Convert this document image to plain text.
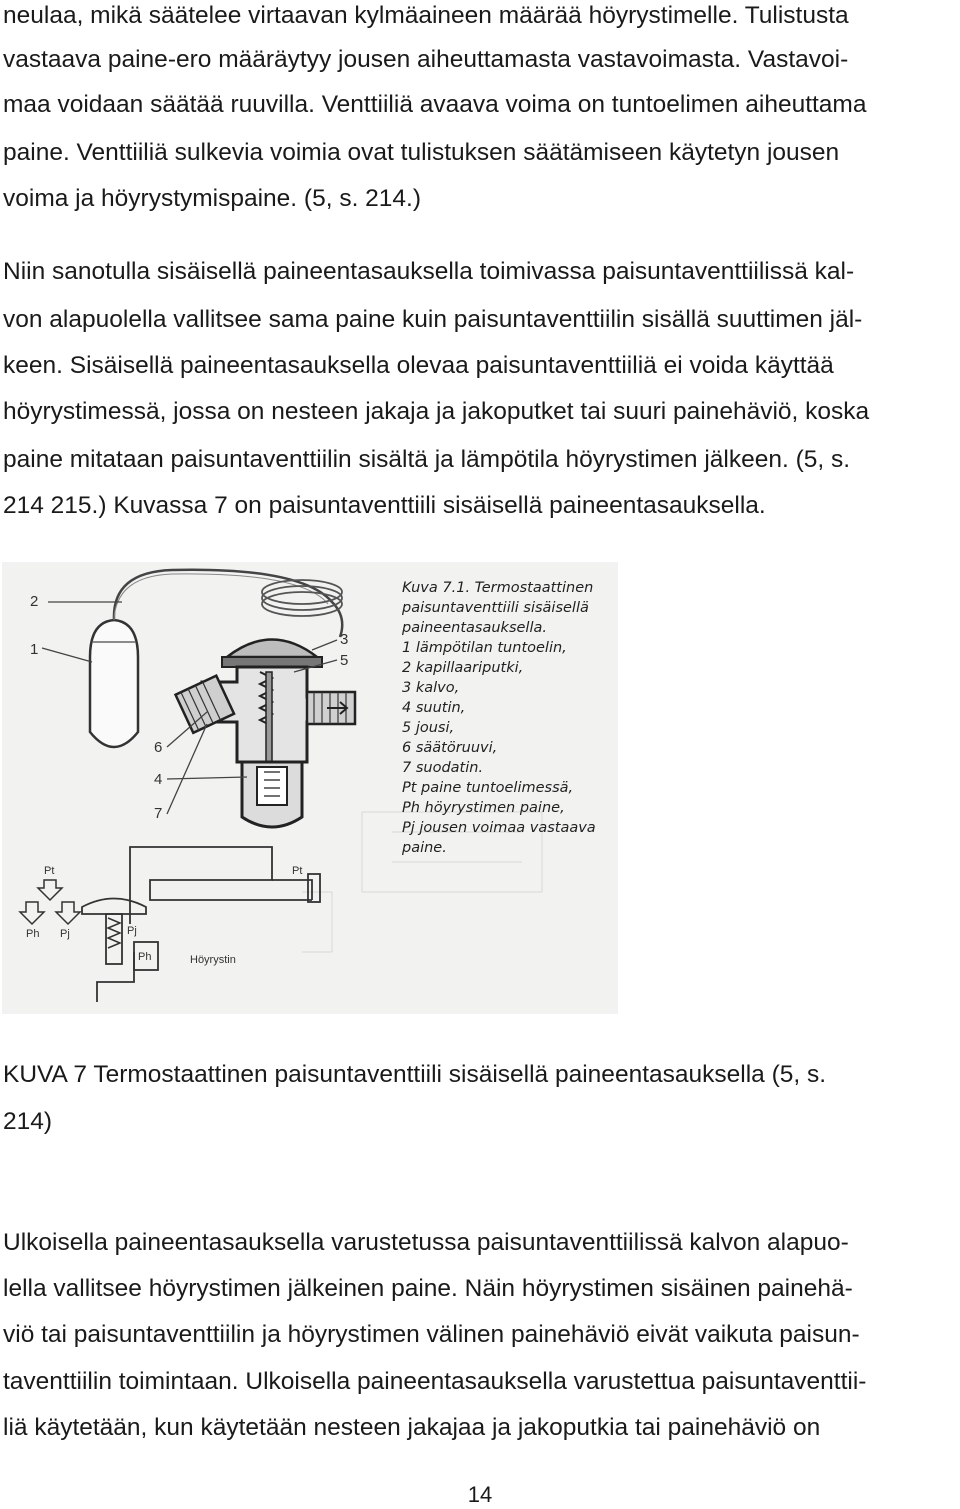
neulaa, mikä säätelee virtaavan kylmäaineen määrää höyrystimelle. Tulistusta

vastaava paine-ero määräytyy jousen aiheuttamasta vastavoimasta. Vastavoi-

maa voidaan säätää ruuvilla. Venttiiliä avaava voima on tuntoelimen aiheuttama

paine. Venttiiliä sulkevia voimia ovat tulistuksen säätämiseen käytetyn jousen

voima ja höyrystymispaine. (5, s. 214.)

Niin sanotulla sisäisellä paineentasauksella toimivassa paisuntaventtiilissä kal-

von alapuolella vallitsee sama paine kuin paisuntaventtiilin sisällä suuttimen jäl-

keen. Sisäisellä paineentasauksella olevaa paisuntaventtiiliä ei voida käyttää

höyrystimessä, jossa on nesteen jakaja ja jakoputket tai suuri painehäviö, koska

paine mitataan paisuntaventtiilin sisältä ja lämpötila höyrystimen jälkeen. (5, s.

214 215.) Kuvassa 7 on paisuntaventtiili sisäisellä paineentasauksella.

2
1
3
5
6
4
7
Pt
Ph Pj
Pt
Pj
Ph	Höyrystin
Kuva 7.1. Termostaattinen
paisuntaventtiili sisäisellä
paineentasauksella.
1 lämpötilan tuntoelin,
2 kapillaariputki,
3 kalvo,
4 suutin,
5 jousi,
6 säätöruuvi,
7 suodatin.
Pt paine tuntoelimessä,
Ph höyrystimen paine,
Pj jousen voimaa vastaava
paine.

KUVA 7 Termostaattinen paisuntaventtiili sisäisellä paineentasauksella (5, s.

214)

Ulkoisella paineentasauksella varustetussa paisuntaventtiilissä kalvon alapuo-

lella vallitsee höyrystimen jälkeinen paine. Näin höyrystimen sisäinen painehä-

viö tai paisuntaventtiilin ja höyrystimen välinen painehäviö eivät vaikuta paisun-

taventtiilin toimintaan. Ulkoisella paineentasauksella varustettua paisuntaventtii-

liä käytetään, kun käytetään nesteen jakajaa ja jakoputkia tai painehäviö on

14
